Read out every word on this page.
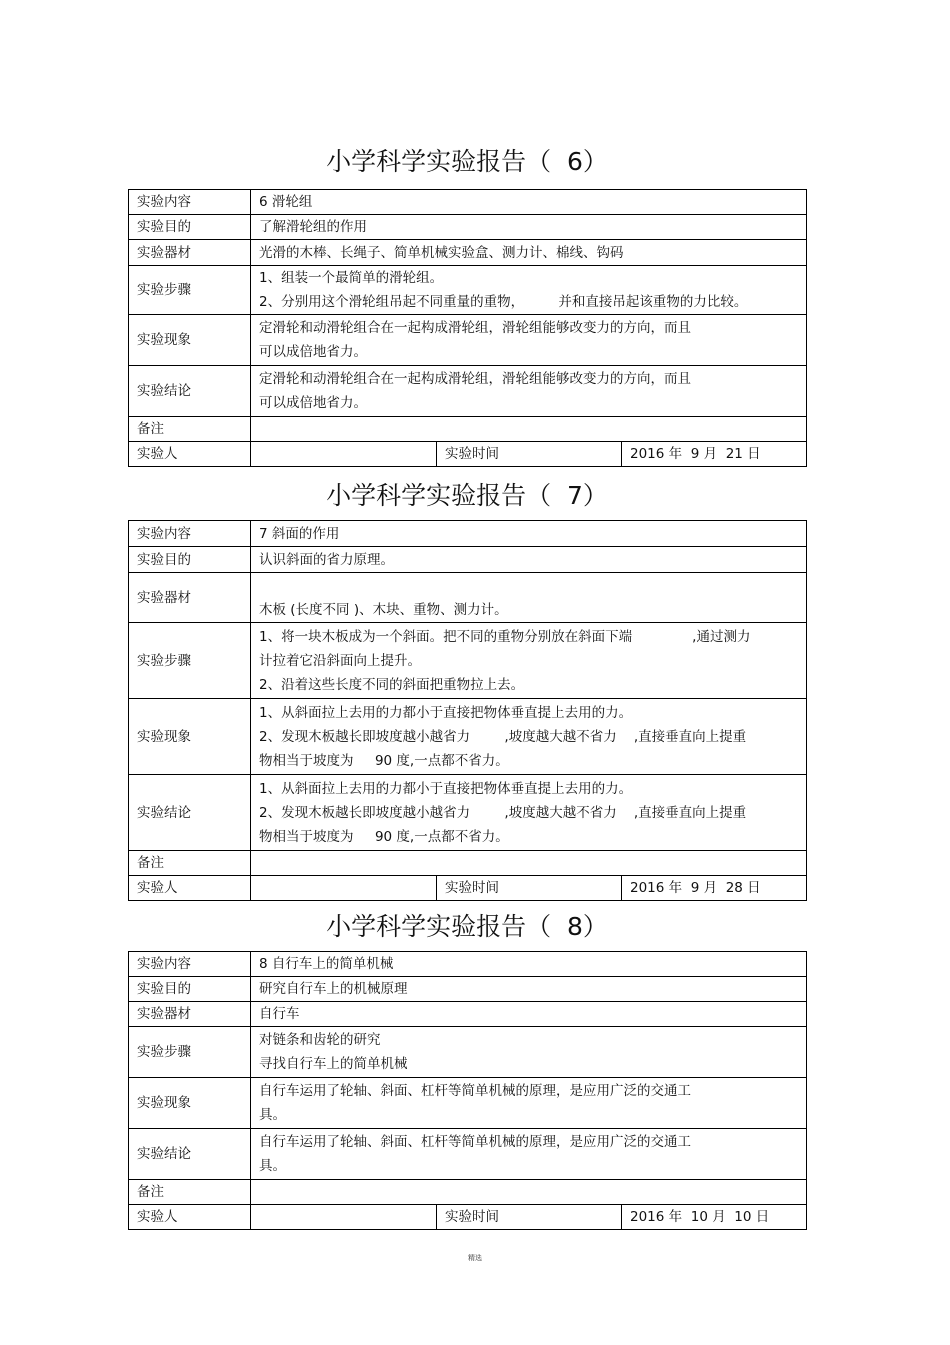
小学科学实验报告（  6）
实验内容	6 滑轮组		

实验目的	了解滑轮组的作用		

实验器材	光滑的木棒、长绳子、简单机械实验盒、测力计、棉线、钩码		

实验步骤	1、组装一个最简单的滑轮组。
2、分别用这个滑轮组吊起不同重量的重物，        并和直接吊起该重物的力比较。		

实验现象	定滑轮和动滑轮组合在一起构成滑轮组，滑轮组能够改变力的方向，而且
可以成倍地省力。		

实验结论	定滑轮和动滑轮组合在一起构成滑轮组，滑轮组能够改变力的方向，而且
可以成倍地省力。		

备注			

实验人		实验时间	2016 年  9 月  21 日
小学科学实验报告（  7）
实验内容	7 斜面的作用		

实验目的	认识斜面的省力原理。		

实验器材	木板 (长度不同 )、木块、重物、测力计。		

实验步骤	1、将一块木板成为一个斜面。把不同的重物分别放在斜面下端              ,通过测力
计拉着它沿斜面向上提升。
2、沿着这些长度不同的斜面把重物拉上去。		

实验现象	1、从斜面拉上去用的力都小于直接把物体垂直提上去用的力。
2、发现木板越长即坡度越小越省力        ,坡度越大越不省力    ,直接垂直向上提重
物相当于坡度为     90 度,一点都不省力。		

实验结论	1、从斜面拉上去用的力都小于直接把物体垂直提上去用的力。
2、发现木板越长即坡度越小越省力        ,坡度越大越不省力    ,直接垂直向上提重
物相当于坡度为     90 度,一点都不省力。		

备注			

实验人		实验时间	2016 年  9 月  28 日
小学科学实验报告（  8）
实验内容	8 自行车上的简单机械		

实验目的	研究自行车上的机械原理		

实验器材	自行车		

实验步骤	对链条和齿轮的研究
寻找自行车上的简单机械		

实验现象	自行车运用了轮轴、斜面、杠杆等简单机械的原理，是应用广泛的交通工
具。		

实验结论	自行车运用了轮轴、斜面、杠杆等简单机械的原理，是应用广泛的交通工
具。		

备注			

实验人		实验时间	2016 年  10 月  10 日
精选
